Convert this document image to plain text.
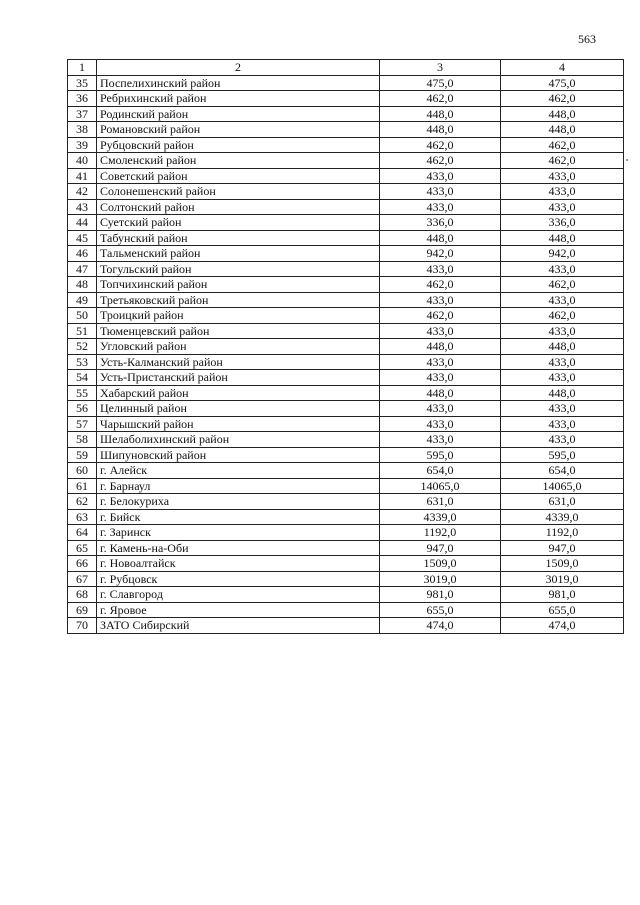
563
1	2	3	4
35	Поспелихинский район	475,0	475,0
36	Ребрихинский район	462,0	462,0
37	Родинский район	448,0	448,0
38	Романовский район	448,0	448,0
39	Рубцовский район	462,0	462,0
40	Смоленский район	462,0	462,0
41	Советский район	433,0	433,0
42	Солонешенский район	433,0	433,0
43	Солтонский район	433,0	433,0
44	Суетский район	336,0	336,0
45	Табунский район	448,0	448,0
46	Тальменский район	942,0	942,0
47	Тогульский район	433,0	433,0
48	Топчихинский район	462,0	462,0
49	Третьяковский район	433,0	433,0
50	Троицкий район	462,0	462,0
51	Тюменцевский район	433,0	433,0
52	Угловский район	448,0	448,0
53	Усть-Калманский район	433,0	433,0
54	Усть-Пристанский район	433,0	433,0
55	Хабарский район	448,0	448,0
56	Целинный район	433,0	433,0
57	Чарышский район	433,0	433,0
58	Шелаболихинский район	433,0	433,0
59	Шипуновский район	595,0	595,0
60	г. Алейск	654,0	654,0
61	г. Барнаул	14065,0	14065,0
62	г. Белокуриха	631,0	631,0
63	г. Бийск	4339,0	4339,0
64	г. Заринск	1192,0	1192,0
65	г. Камень-на-Оби	947,0	947,0
66	г. Новоалтайск	1509,0	1509,0
67	г. Рубцовск	3019,0	3019,0
68	г. Славгород	981,0	981,0
69	г. Яровое	655,0	655,0
70	ЗАТО Сибирский	474,0	474,0
